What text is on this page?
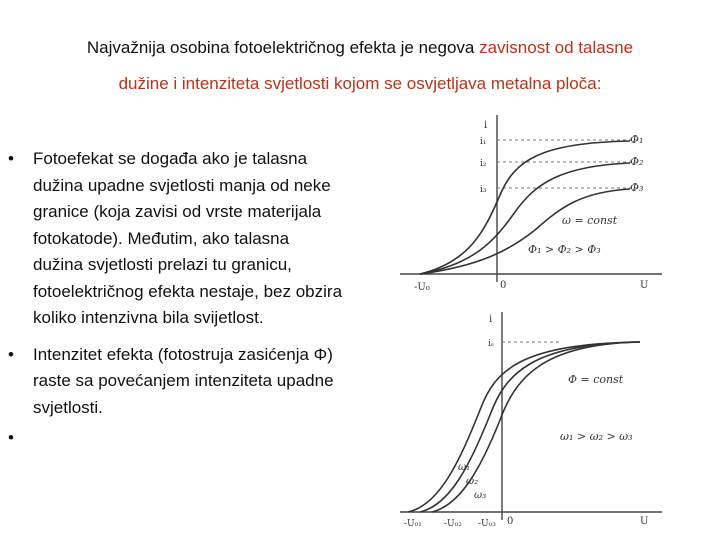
Najvažnija osobina fotoelektričnog efekta je negova zavisnost od talasne
dužine i intenziteta svjetlosti kojom se osvjetljava metalna ploča:
• Fotoefekat se događa ako je talasna dužina upadne svjetlosti manja od neke granice (koja zavisi od vrste materijala fotokatode). Međutim, ako talasna dužina svjetlosti prelazi tu granicu, fotoelektričnog efekta nestaje, bez obzira koliko intenzivna bila svijetlost.
• Intenzitet efekta (fotostruja zasićenja Φ) raste sa povećanjem intenziteta upadne svjetlosti.
•
i
i₁
i₂
i₃
Φ₁
Φ₂
Φ₃
ω = const
Φ₁ > Φ₂ > Φ₃
-U₀	0	U
i
iₛ
Φ = const
ω₁ > ω₂ > ω₃
ω₁
ω₂
ω₃
-U₀₁ -U₀₂ -U₀₃ 0	U
